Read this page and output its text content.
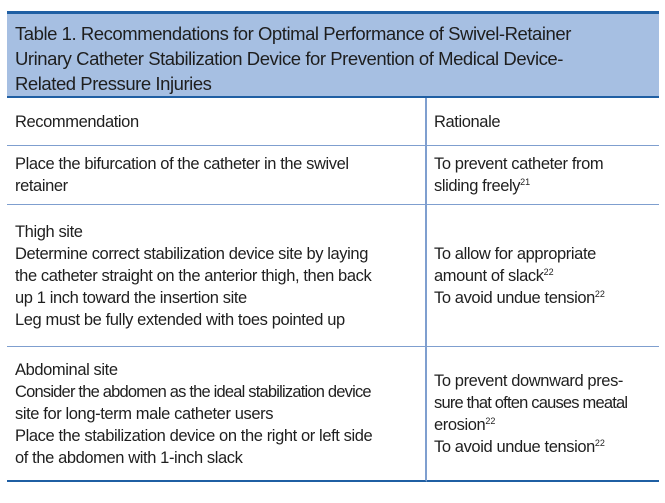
Table 1. Recommendations for Optimal Performance of Swivel-Retainer
Urinary Catheter Stabilization Device for Prevention of Medical Device-
Related Pressure Injuries
Recommendation	Rationale
Place the bifurcation of the catheter in the swivel
retainer
To prevent catheter from
sliding freely$^{21}$
Thigh site
Determine correct stabilization device site by laying
the catheter straight on the anterior thigh, then back
up 1 inch toward the insertion site
Leg must be fully extended with toes pointed up
To allow for appropriate
amount of slack$^{22}$
To avoid undue tension$^{22}$
Abdominal site
Consider the abdomen as the ideal stabilization device
site for long-term male catheter users
Place the stabilization device on the right or left side
of the abdomen with 1-inch slack
To prevent downward pres-
sure that often causes meatal
erosion$^{22}$
To avoid undue tension$^{22}$
